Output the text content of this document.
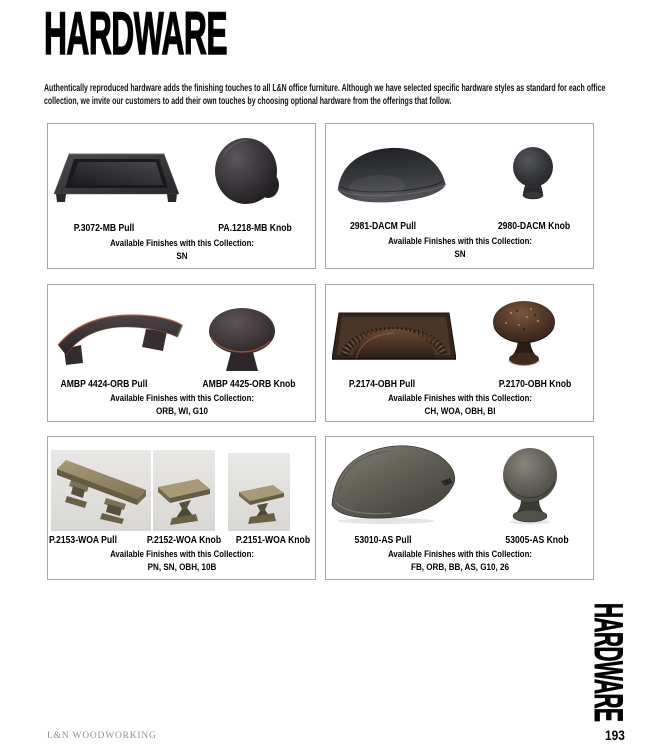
HARDWARE
Authentically reproduced hardware adds the finishing touches to all L&N office furniture. Although we have selected specific hardware styles as standard for each office
collection, we invite our customers to add their own touches by choosing optional hardware from the offerings that follow.
P.3072-MB Pull	PA.1218-MB Knob
Available Finishes with this Collection:
SN
2981-DACM Pull	2980-DACM Knob
Available Finishes with this Collection:
SN
AMBP 4424-ORB Pull	AMBP 4425-ORB Knob
Available Finishes with this Collection:
ORB, WI, G10
P.2174-OBH Pull	P.2170-OBH Knob
Available Finishes with this Collection:
CH, WOA, OBH, BI
P.2153-WOA Pull	P.2152-WOA Knob P.2151-WOA Knob
Available Finishes with this Collection:
PN, SN, OBH, 10B
53010-AS Pull	53005-AS Knob
Available Finishes with this Collection:
FB, ORB, BB, AS, G10, 26
HARDWARE
L&N WOODWORKING	193
